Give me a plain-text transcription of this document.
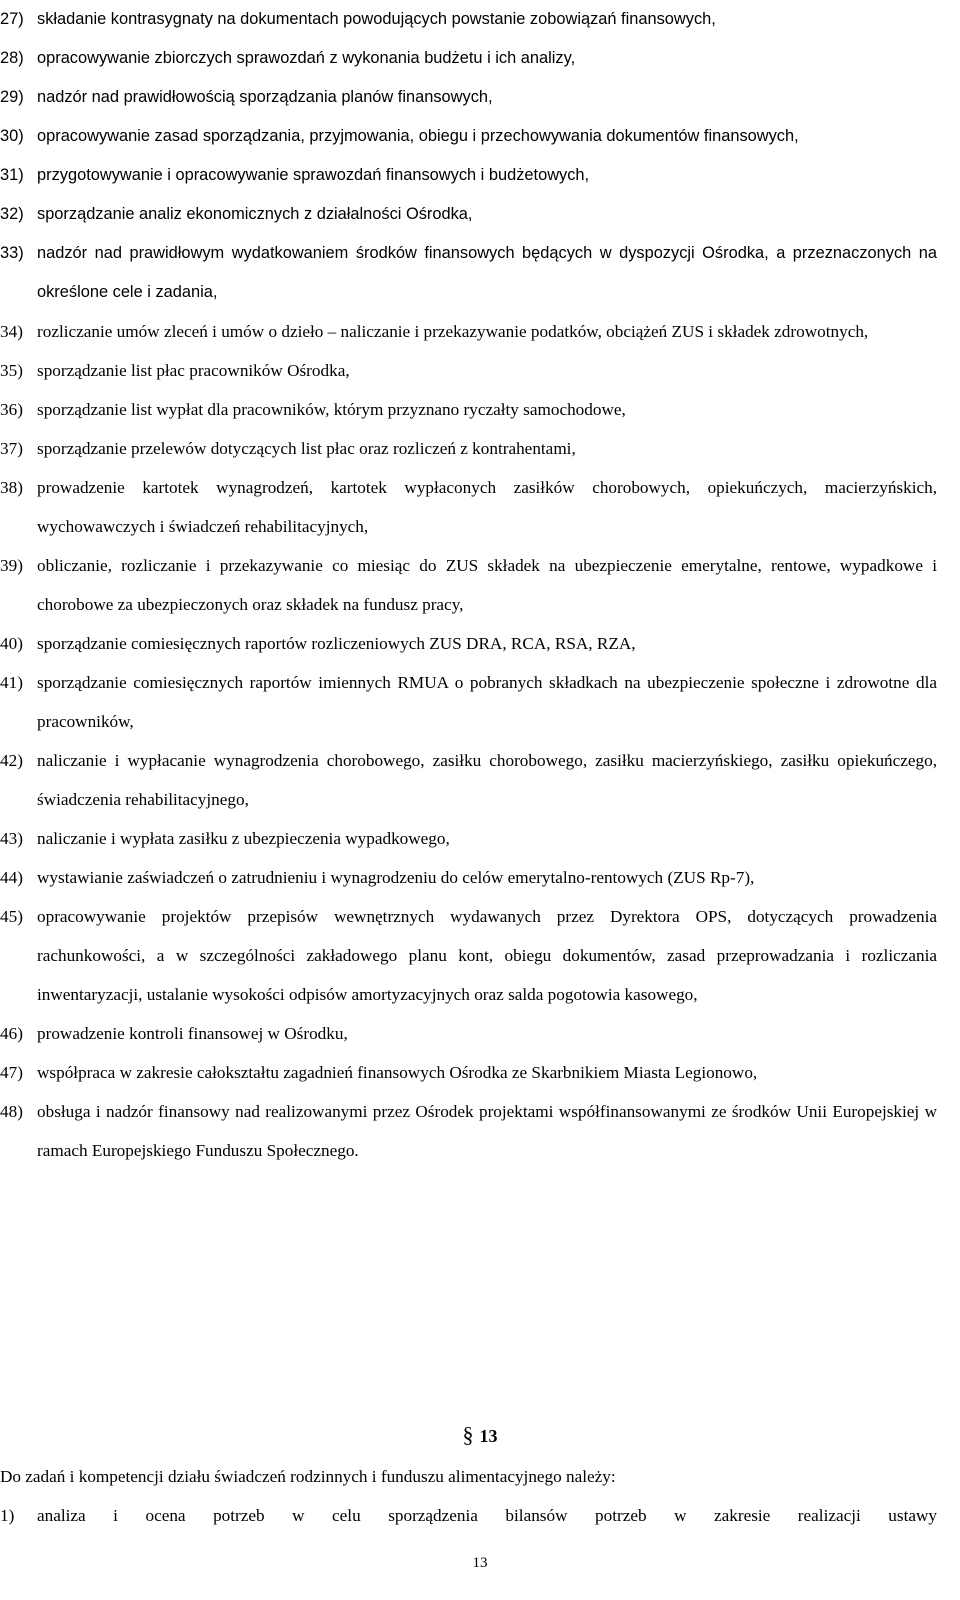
27) składanie kontrasygnaty na dokumentach powodujących powstanie zobowiązań finansowych,
28) opracowywanie zbiorczych sprawozdań z wykonania budżetu i ich analizy,
29) nadzór nad prawidłowością sporządzania planów finansowych,
30) opracowywanie zasad sporządzania, przyjmowania, obiegu i przechowywania dokumentów finansowych,
31) przygotowywanie i opracowywanie sprawozdań finansowych i budżetowych,
32) sporządzanie analiz ekonomicznych z działalności Ośrodka,
33) nadzór nad prawidłowym wydatkowaniem środków finansowych będących w dyspozycji Ośrodka, a przeznaczonych na określone cele i zadania,
34) rozliczanie umów zleceń i umów o dzieło – naliczanie i przekazywanie podatków, obciążeń ZUS i składek zdrowotnych,
35) sporządzanie list płac pracowników Ośrodka,
36) sporządzanie list wypłat dla pracowników, którym przyznano ryczałty samochodowe,
37) sporządzanie przelewów dotyczących list płac oraz rozliczeń z kontrahentami,
38) prowadzenie kartotek wynagrodzeń, kartotek wypłaconych zasiłków chorobowych, opiekuńczych, macierzyńskich, wychowawczych i świadczeń rehabilitacyjnych,
39) obliczanie, rozliczanie i przekazywanie co miesiąc do ZUS składek na ubezpieczenie emerytalne, rentowe, wypadkowe i chorobowe za ubezpieczonych oraz składek na fundusz pracy,
40) sporządzanie comiesięcznych raportów rozliczeniowych ZUS DRA, RCA, RSA, RZA,
41) sporządzanie comiesięcznych raportów imiennych RMUA o pobranych składkach na ubezpieczenie społeczne i zdrowotne dla pracowników,
42) naliczanie i wypłacanie wynagrodzenia chorobowego, zasiłku chorobowego, zasiłku macierzyńskiego, zasiłku opiekuńczego, świadczenia rehabilitacyjnego,
43) naliczanie i wypłata zasiłku z ubezpieczenia wypadkowego,
44) wystawianie zaświadczeń o zatrudnieniu i wynagrodzeniu do celów emerytalno-rentowych (ZUS Rp-7),
45) opracowywanie projektów przepisów wewnętrznych wydawanych przez Dyrektora OPS, dotyczących prowadzenia rachunkowości, a w szczególności zakładowego planu kont, obiegu dokumentów, zasad przeprowadzania i rozliczania inwentaryzacji, ustalanie wysokości odpisów amortyzacyjnych oraz salda pogotowia kasowego,
46) prowadzenie kontroli finansowej w Ośrodku,
47) współpraca w zakresie całokształtu zagadnień finansowych Ośrodka ze Skarbnikiem Miasta Legionowo,
48) obsługa i nadzór finansowy nad realizowanymi przez Ośrodek projektami współfinansowanymi ze środków Unii Europejskiej w ramach Europejskiego Funduszu Społecznego.
§ 13
Do zadań i kompetencji działu świadczeń rodzinnych i funduszu alimentacyjnego należy:
1)	analiza i ocena potrzeb w celu sporządzenia bilansów potrzeb w zakresie realizacji ustawy
13
